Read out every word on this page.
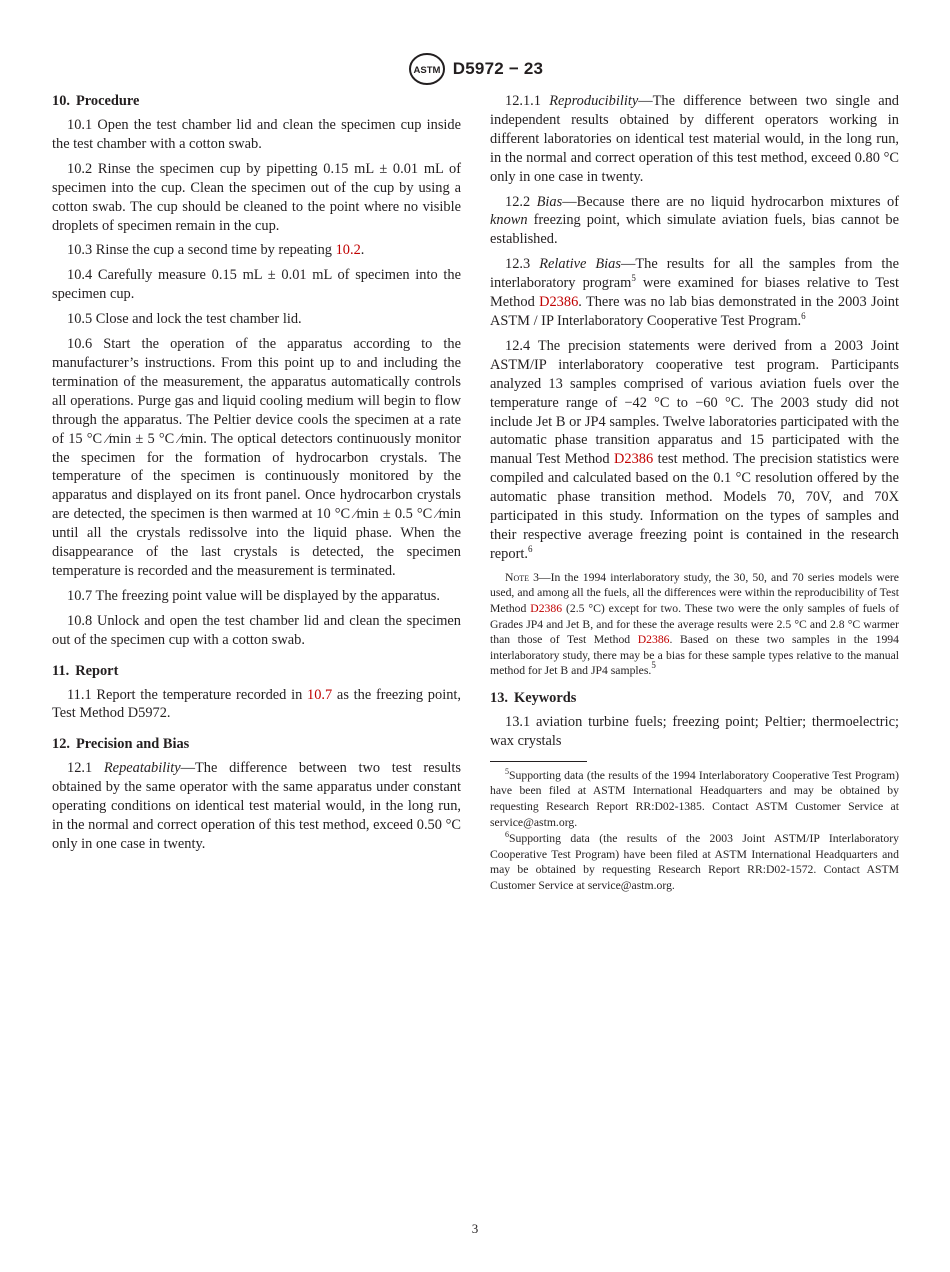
ASTM D5972 − 23
10. Procedure

10.1 Open the test chamber lid and clean the specimen cup inside the test chamber with a cotton swab.

10.2 Rinse the specimen cup by pipetting 0.15 mL ± 0.01 mL of specimen into the cup. Clean the specimen out of the cup by using a cotton swab. The cup should be cleaned to the point where no visible droplets of specimen remain in the cup.

10.3 Rinse the cup a second time by repeating 10.2.

10.4 Carefully measure 0.15 mL ± 0.01 mL of specimen into the specimen cup.

10.5 Close and lock the test chamber lid.

10.6 Start the operation of the apparatus according to the manufacturer’s instructions. From this point up to and including the termination of the measurement, the apparatus automatically controls all operations. Purge gas and liquid cooling medium will begin to flow through the apparatus. The Peltier device cools the specimen at a rate of 15 °C ⁄min ± 5 °C ⁄min. The optical detectors continuously monitor the specimen for the formation of hydrocarbon crystals. The temperature of the specimen is continuously monitored by the apparatus and displayed on its front panel. Once hydrocarbon crystals are detected, the specimen is then warmed at 10 °C ⁄min ± 0.5 °C ⁄min until all the crystals redissolve into the liquid phase. When the disappearance of the last crystals is detected, the specimen temperature is recorded and the measurement is terminated.

10.7 The freezing point value will be displayed by the apparatus.

10.8 Unlock and open the test chamber lid and clean the specimen out of the specimen cup with a cotton swab.

11. Report

11.1 Report the temperature recorded in 10.7 as the freezing point, Test Method D5972.

12. Precision and Bias

12.1 Repeatability—The difference between two test results obtained by the same operator with the same apparatus under constant operating conditions on identical test material would, in the long run, in the normal and correct operation of this test method, exceed 0.50 °C only in one case in twenty.

12.1.1 Reproducibility—The difference between two single and independent results obtained by different operators working in different laboratories on identical test material would, in the long run, in the normal and correct operation of this test method, exceed 0.80 °C only in one case in twenty.

12.2 Bias—Because there are no liquid hydrocarbon mixtures of known freezing point, which simulate aviation fuels, bias cannot be established.

12.3 Relative Bias—The results for all the samples from the interlaboratory program$^5$ were examined for biases relative to Test Method D2386. There was no lab bias demonstrated in the 2003 Joint ASTM / IP Interlaboratory Cooperative Test Program.$^6$

12.4 The precision statements were derived from a 2003 Joint ASTM/IP interlaboratory cooperative test program. Participants analyzed 13 samples comprised of various aviation fuels over the temperature range of −42 °C to −60 °C. The 2003 study did not include Jet B or JP4 samples. Twelve laboratories participated with the automatic phase transition apparatus and 15 participated with the manual Test Method D2386 test method. The precision statistics were compiled and calculated based on the 0.1 °C resolution offered by the automatic phase transition method. Models 70, 70V, and 70X participated in this study. Information on the types of samples and their respective average freezing point is contained in the research report.$^6$

Note 3—In the 1994 interlaboratory study, the 30, 50, and 70 series models were used, and among all the fuels, all the differences were within the reproducibility of Test Method D2386 (2.5 °C) except for two. These two were the only samples of fuels of Grades JP4 and Jet B, and for these the average results were 2.5 °C and 2.8 °C warmer than those of Test Method D2386. Based on these two samples in the 1994 interlaboratory study, there may be a bias for these sample types relative to the manual method for Jet B and JP4 samples.$^5$
13. Keywords

13.1 aviation turbine fuels; freezing point; Peltier; thermoelectric; wax crystals

$^5$Supporting data (the results of the 1994 Interlaboratory Cooperative Test Program) have been filed at ASTM International Headquarters and may be obtained by requesting Research Report RR:D02-1385. Contact ASTM Customer Service at service@astm.org.

$^6$Supporting data (the results of the 2003 Joint ASTM/IP Interlaboratory Cooperative Test Program) have been filed at ASTM International Headquarters and may be obtained by requesting Research Report RR:D02-1572. Contact ASTM Customer Service at service@astm.org.

3
